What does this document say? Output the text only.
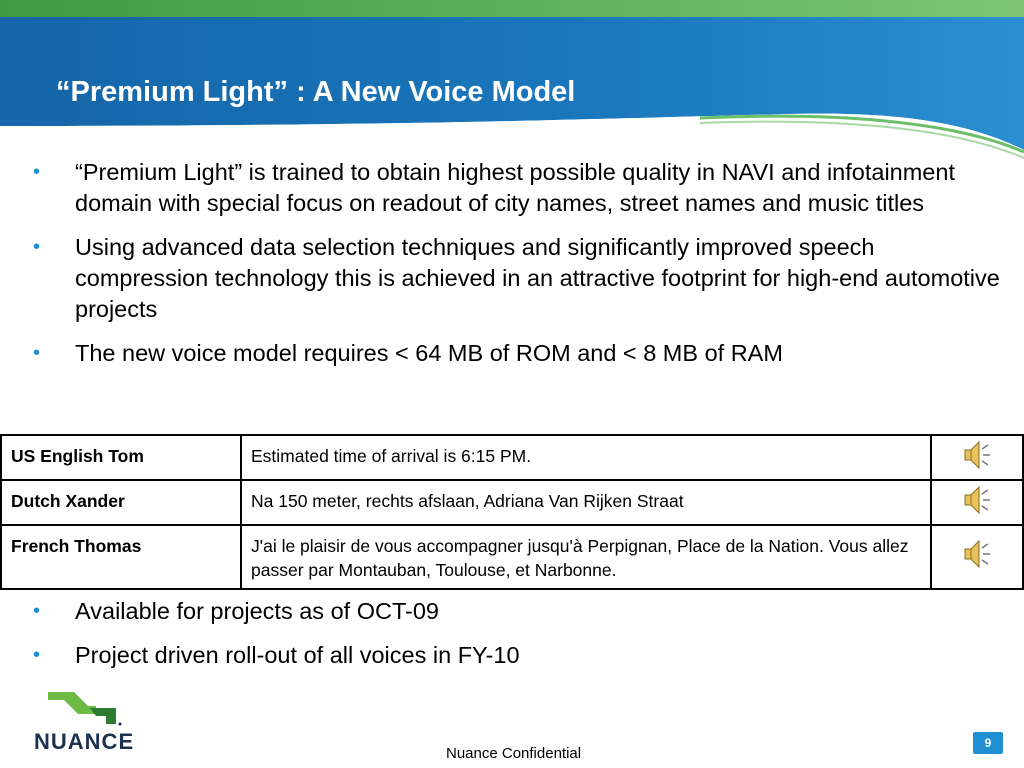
“Premium Light” : A New Voice Model
• “Premium Light” is trained to obtain highest possible quality in NAVI and infotainment domain with special focus on readout of city names, street names and music titles
• Using advanced data selection techniques and significantly improved speech compression technology this is achieved in an attractive footprint for high-end automotive projects
• The new voice model requires < 64 MB of ROM and < 8 MB of RAM
US English Tom	Estimated time of arrival is 6:15 PM.	
Dutch Xander	Na 150 meter, rechts afslaan, Adriana Van Rijken Straat	
French Thomas	J'ai le plaisir de vous accompagner jusqu'à Perpignan, Place de la Nation. Vous allez passer par Montauban, Toulouse, et Narbonne.	
• Available for projects as of OCT-09
• Project driven roll-out of all voices in FY-10
NUANCE	Nuance Confidential
9
